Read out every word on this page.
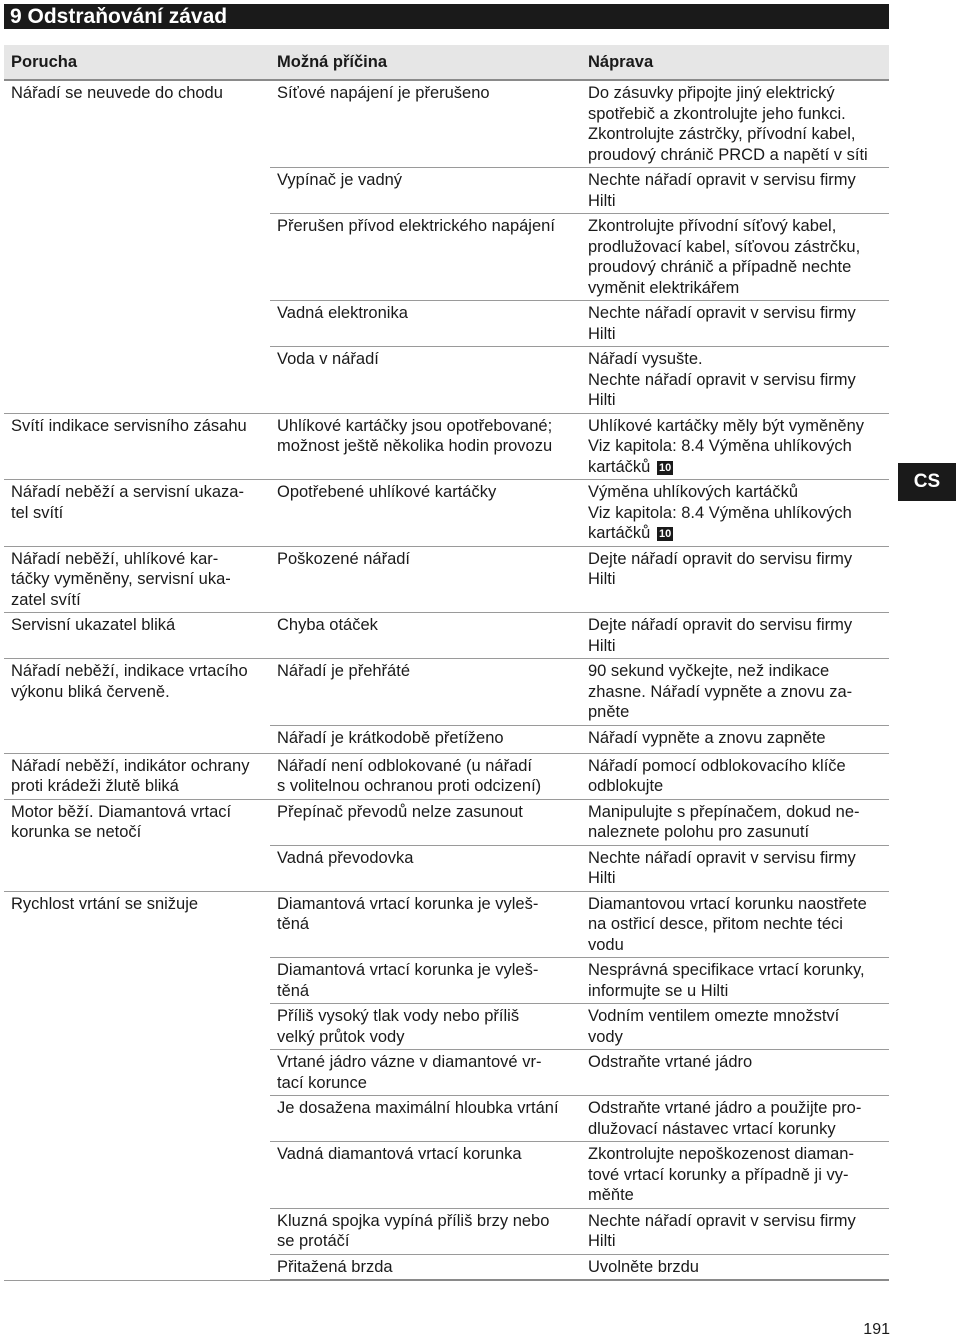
9 Odstraňování závad
Porucha	Možná příčina	Náprava
Nářadí se neuvede do chodu	Síťové napájení je přerušeno	Do zásuvky připojte jiný elektrický
spotřebič a zkontrolujte jeho funkci.
Zkontrolujte zástrčky, přívodní kabel,
proudový chránič PRCD a napětí v síti
	Vypínač je vadný	Nechte nářadí opravit v servisu firmy
Hilti
	Přerušen přívod elektrického napájení	Zkontrolujte přívodní síťový kabel,
prodlužovací kabel, síťovou zástrčku,
proudový chránič a případně nechte
vyměnit elektrikářem
	Vadná elektronika	Nechte nářadí opravit v servisu firmy
Hilti
	Voda v nářadí	Nářadí vysušte.
Nechte nářadí opravit v servisu firmy
Hilti
Svítí indikace servisního zásahu	Uhlíkové kartáčky jsou opotřebované;
možnost ještě několika hodin provozu	Uhlíkové kartáčky měly být vyměněny
Viz kapitola: 8.4 Výměna uhlíkových
kartáčků 10
Nářadí neběží a servisní ukaza-
tel svítí	Opotřebené uhlíkové kartáčky	Výměna uhlíkových kartáčků
Viz kapitola: 8.4 Výměna uhlíkových
kartáčků 10
Nářadí neběží, uhlíkové kar-
táčky vyměněny, servisní uka-
zatel svítí	Poškozené nářadí	Dejte nářadí opravit do servisu firmy
Hilti
Servisní ukazatel bliká	Chyba otáček	Dejte nářadí opravit do servisu firmy
Hilti
Nářadí neběží, indikace vrtacího
výkonu bliká červeně.	Nářadí je přehřáté	90 sekund vyčkejte, než indikace
zhasne. Nářadí vypněte a znovu za-
pněte
	Nářadí je krátkodobě přetíženo	Nářadí vypněte a znovu zapněte
Nářadí neběží, indikátor ochrany
proti krádeži žlutě bliká	Nářadí není odblokované (u nářadí
s volitelnou ochranou proti odcizení)	Nářadí pomocí odblokovacího klíče
odblokujte
Motor běží. Diamantová vrtací
korunka se netočí	Přepínač převodů nelze zasunout	Manipulujte s přepínačem, dokud ne-
naleznete polohu pro zasunutí
	Vadná převodovka	Nechte nářadí opravit v servisu firmy
Hilti
Rychlost vrtání se snižuje	Diamantová vrtací korunka je vyleš-
těná	Diamantovou vrtací korunku naostřete
na ostřicí desce, přitom nechte téci
vodu
	Diamantová vrtací korunka je vyleš-
těná	Nesprávná specifikace vrtací korunky,
informujte se u Hilti
	Příliš vysoký tlak vody nebo příliš
velký průtok vody	Vodním ventilem omezte množství
vody
	Vrtané jádro vázne v diamantové vr-
tací korunce	Odstraňte vrtané jádro
	Je dosažena maximální hloubka vrtání	Odstraňte vrtané jádro a použijte pro-
dlužovací nástavec vrtací korunky
	Vadná diamantová vrtací korunka	Zkontrolujte nepoškozenost diaman-
tové vrtací korunky a případně ji vy-
měňte
	Kluzná spojka vypíná příliš brzy nebo
se protáčí	Nechte nářadí opravit v servisu firmy
Hilti
	Přitažená brzda	Uvolněte brzdu
CS
191
